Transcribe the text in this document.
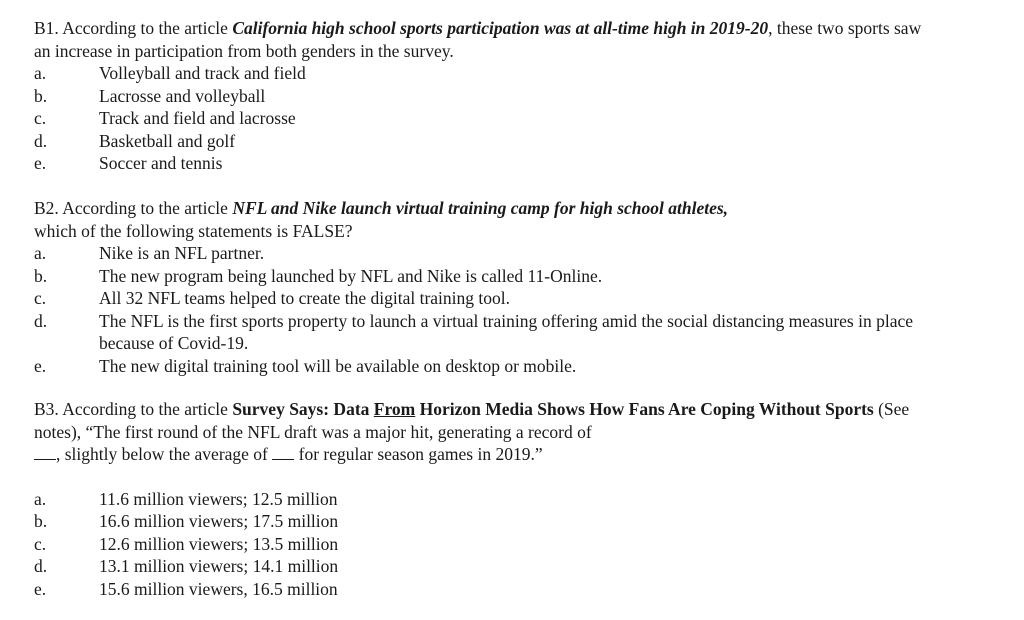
B1. According to the article California high school sports participation was at all-time high in 2019-20, these two sports saw an increase in participation from both genders in the survey.

a.	Volleyball and track and field
b.	Lacrosse and volleyball
c.	Track and field and lacrosse
d.	Basketball and golf
e.	Soccer and tennis

B2. According to the article NFL and Nike launch virtual training camp for high school athletes,
which of the following statements is FALSE?

a.	Nike is an NFL partner.
b.	The new program being launched by NFL and Nike is called 11-Online.
c.	All 32 NFL teams helped to create the digital training tool.
d.	The NFL is the first sports property to launch a virtual training offering amid the social distancing measures in place because of Covid-19.
e.	The new digital training tool will be available on desktop or mobile.

B3. According to the article Survey Says: Data From Horizon Media Shows How Fans Are Coping Without Sports (See notes), “The first round of the NFL draft was a major hit, generating a record of
, slightly below the average of for regular season games in 2019.”

a.	11.6 million viewers; 12.5 million
b.	16.6 million viewers; 17.5 million
c.	12.6 million viewers; 13.5 million
d.	13.1 million viewers; 14.1 million
e.	15.6 million viewers, 16.5 million
